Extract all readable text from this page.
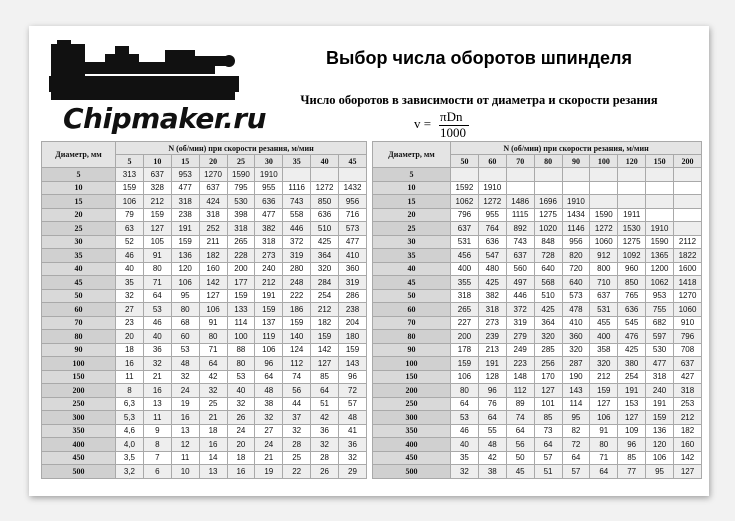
Chipmaker.ru
Выбор числа оборотов шпинделя
Число оборотов в зависимости от диаметра и скорости резания
v = πDn
1000
Диаметр, мм	N (об/мин) при скорости резания, м/мин								
	5	10	15	20	25	30	35	40	45
5	313	637	953	1270	1590	1910			
10	159	328	477	637	795	955	1116	1272	1432
15	106	212	318	424	530	636	743	850	956
20	79	159	238	318	398	477	558	636	716
25	63	127	191	252	318	382	446	510	573
30	52	105	159	211	265	318	372	425	477
35	46	91	136	182	228	273	319	364	410
40	40	80	120	160	200	240	280	320	360
45	35	71	106	142	177	212	248	284	319
50	32	64	95	127	159	191	222	254	286
60	27	53	80	106	133	159	186	212	238
70	23	46	68	91	114	137	159	182	204
80	20	40	60	80	100	119	140	159	180
90	18	36	53	71	88	106	124	142	159
100	16	32	48	64	80	96	112	127	143
150	11	21	32	42	53	64	74	85	96
200	8	16	24	32	40	48	56	64	72
250	6,3	13	19	25	32	38	44	51	57
300	5,3	11	16	21	26	32	37	42	48
350	4,6	9	13	18	24	27	32	36	41
400	4,0	8	12	16	20	24	28	32	36
450	3,5	7	11	14	18	21	25	28	32
500	3,2	6	10	13	16	19	22	26	29
Диаметр, мм	N (об/мин) при скорости резания, м/мин								
	50	60	70	80	90	100	120	150	200
5									
10	1592	1910							
15	1062	1272	1486	1696	1910				
20	796	955	1115	1275	1434	1590	1911		
25	637	764	892	1020	1146	1272	1530	1910	
30	531	636	743	848	956	1060	1275	1590	2112
35	456	547	637	728	820	912	1092	1365	1822
40	400	480	560	640	720	800	960	1200	1600
45	355	425	497	568	640	710	850	1062	1418
50	318	382	446	510	573	637	765	953	1270
60	265	318	372	425	478	531	636	755	1060
70	227	273	319	364	410	455	545	682	910
80	200	239	279	320	360	400	476	597	796
90	178	213	249	285	320	358	425	530	708
100	159	191	223	256	287	320	380	477	637
150	106	128	148	170	190	212	254	318	427
200	80	96	112	127	143	159	191	240	318
250	64	76	89	101	114	127	153	191	253
300	53	64	74	85	95	106	127	159	212
350	46	55	64	73	82	91	109	136	182
400	40	48	56	64	72	80	96	120	160
450	35	42	50	57	64	71	85	106	142
500	32	38	45	51	57	64	77	95	127
